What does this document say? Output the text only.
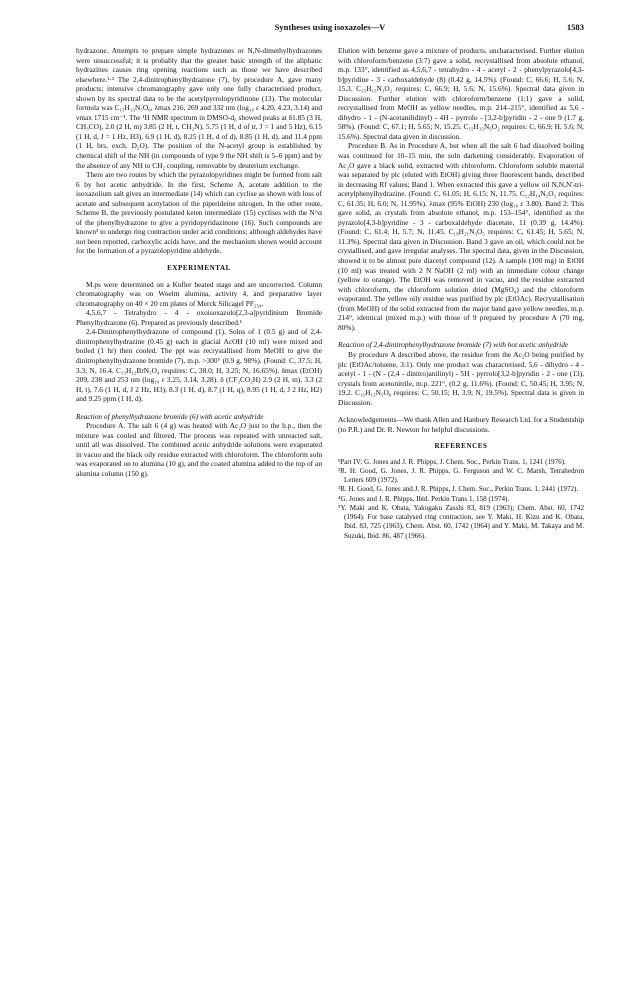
Syntheses using isoxazoles—V	1583

hydrazone. Attempts to prepare simple hydrazones or N,N-dimethylhydrazones were unsuccessful; it is probably that the greater basic strength of the aliphatic hydrazines causes ring opening reactions such as those we have described elsewhere.¹·² The 2,4-dinitrophenylhydrazone (7), by procedure A, gave many products; intensive chromatography gave only one fully characterised product, shown by its spectral data to be the acetylpyrrolopyridinone (13). The molecular formula was C₁₅H₁₃N₅O₆, λmax 216, 269 and 332 nm (log₁₀ ε 4.20, 4.23, 3.14) and νmax 1715 cm⁻¹. The ¹H NMR spectrum in DMSO-d₆ showed peaks at δ1.85 (3 H, CH₃CO), 2.0 (2 H, m) 3.85 (2 H, t, CH₂N), 5.75 (1 H, d of tr, J = 1 and 5 Hz), 6.15 (1 H, d, J = 1 Hz, H3), 6.9 (1 H, d), 8.25 (1 H, d of d), 8.85 (1 H, d), and 11.4 ppm (1 H, brs, exch. D₂O). The position of the N-acetyl group is established by chemical shift of the NH (in compounds of type 9 the NH shift is 5–6 ppm) and by the absence of any NH to CH₂ coupling, removable by deuterium exchange.

There are two routes by which the pyrazolopyridines might be formed from salt 6 by hot acetic anhydride. In the first, Scheme A, acetate addition to the isoxazolium salt gives an intermediate (14) which can cyclise as shown with loss of acetate and subsequent acetylation of the piperideine nitrogen. In the other route, Scheme B, the previously postulated keten intermediate (15) cyclises with the N^α of the phenylhydrazone to give a pyridopyridazinone (16). Such compounds are known³ to undergo ring contraction under acid conditions; although aldehydes have not been reported, carboxylic acids have, and the mechanism shown would account for the formation of a pyrazolopyridine aldehyde.

EXPERIMENTAL

M.ps were determined on a Kofler heated stage and are uncorrected. Column chromatography was on Woelm alumina, activity 4, and preparative layer chromatography on 40 × 20 cm plates of Merck Silicagel PF₂₅₄.

4,5,6,7 - Tetrahydro - 4 - oxoisoxazolo[2,3-a]pyridinium Bromide Phenylhydrazone (6). Prepared as previously described.¹

2,4-Dinitrophenylhydrazone of compound (1). Solns of 1 (0.5 g) and of 2,4-dinitrophenylhydrazine (0.45 g) each in glacial AcOH (10 ml) were mixed and boiled (1 hr) then cooled. The ppt was recrystallised from MeOH to give the dinitrophenylhydrazone bromide (7), m.p. >300° (0.9 g, 98%). (Found: C, 37.5; H, 3.3; N, 16.4. C₁₃H₁₂BrN₅O₄ requires: C, 38.0; H, 3.25; N, 16.65%). δmax (EtOH) 209, 238 and 253 nm (log₁₀ ε 3.25, 3.14, 3.28). δ (CF₃CO₂H) 2.9 (2 H, m), 3.3 (2 H, t), 7.6 (1 H, d, J 2 Hz, H3), 8.3 (1 H, d), 8.7 (1 H, q), 8.95 (1 H, d, J 2 Hz, H2) and 9.25 ppm (1 H, d).

Reaction of phenylhydrazone bromide (6) with acetic anhydride

Procedure A. The salt 6 (4 g) was heated with Ac₂O just to the b.p., then the mixture was cooled and filtered. The process was repeated with unreacted salt, until all was dissolved. The combined acetic anhydride solutions were evaporated in vacuo and the black oily residue extracted with chloroform. The chloroform soln was evaporated on to alumina (10 g), and the coated alumina added to the top of an alumina column (150 g).

Elution with benzene gave a mixture of products, uncharacterised. Further elution with chloroform/benzene (3:7) gave a solid, recrystallised from absolute ethanol, m.p. 133°, identified as 4,5,6,7 - tetrahydro - 4 - acetyl - 2 - phenylpyrazolo[4,3-b]pyridine - 3 - carboxaldehyde (8) (0.42 g, 14.5%). (Found: C, 66.6; H, 5.6; N, 15.3. C₁₅H₁₅N₃O₂ requires: C, 66.9; H, 5.6; N, 15.6%). Spectral data given in Discussion. Further elution with chloroform/benzene (1:1) gave a solid, recrystallised from MeOH as yellow needles, m.p. 214–215°, identified as 5,6 - dihydro - 1 - (N-acetanilidinyl) - 4H - pyrrolo - [3,2-b]pyridin - 2 - one 9 (1.7 g, 58%). (Found: C, 67.1; H, 5.65; N, 15.25. C₁₅H₁₅N₃O₂ requires: C, 66.9; H, 5.6; N, 15.6%). Spectral data given in discussion.

Procedure B. As in Procedure A, but when all the salt 6 had dissolved boiling was continued for 10–15 min, the soln darkening considerably. Evaporation of Ac₂O gave a black solid, extracted with chloroform. Chloroform soluble material was separated by plc (eluted with EtOH) giving three fluorescent bands, described in decreasing Rf values; Band 1. When extracted this gave a yellow oil N,N,N'-tri-acetylphenylhydrazine. (Found: C, 61.05; H, 6.15; N, 11.75. C₁₂H₁₄N₂O₃ requires: C, 61.35; H, 6.0; N, 11.95%). λmax (95% EtOH) 230 (log₁₀ ε 3.80). Band 2: This gave solid, as crystals from absolute ethanol, m.p. 153–154°, identified as the pyrazolo[4,3-b]pyridine - 3 - carboxaldehyde diacetate, 11 (0.39 g, 14.4%). (Found: C, 61.4; H, 5.7; N, 11.45. C₁₉H₂₁N₃O₅ requires: C, 61.45; H, 5.65; N, 11.3%). Spectral data given in Discussion. Band 3 gave an oil, which could not be crystallised, and gave irregular analyses. The spectral data, given in the Discussion, showed it to be almost pure diacetyl compound (12). A sample (100 mg) in EtOH (10 ml) was treated with 2 N NaOH (2 ml) with an immediate colour change (yellow to orange). The EtOH was removed in vacuo, and the residue extracted with chloroform, the chloroform solution dried (MgSO₄) and the chloroform evaporated. The yellow oily residue was purified by plc (EtOAc). Recrystallisation (from MeOH) of the solid extracted from the major band gave yellow needles, m.p. 214°, identical (mixed m.p.) with those of 9 prepared by procedure A (70 mg, 80%).

Reaction of 2,4-dinitrophenylhydrazone bromide (7) with hot acetic anhydride

By procedure A described above, the residue from the Ac₂O being purified by plc (EtOAc/toluene, 3:1). Only one product was characterised, 5,6 - dihydro - 4 - acetyl - 1 - (N - (2,4 - dinitro)anilinyl) - 5H - pyrrolo[3,2-b]pyridin - 2 - one (13), crystals from acetonitrile, m.p. 221°, (0.2 g, 11.6%). (Found: C, 50.45; H, 3.95; N, 19.2. C₁₅H₁₃N₅O₆ requires: C, 50.15; H, 3.9; N, 19.5%). Spectral data is given in Discussion.

Acknowledgements—We thank Allen and Hanbury Research Ltd. for a Studentship (to P.R.) and Dr. R. Newton for helpful discussions.

REFERENCES

¹Part IV: G. Jones and J. R. Phipps, J. Chem. Soc., Perkin Trans. 1, 1241 (1976).

²R. H. Good, G. Jones, J. R. Phipps, G. Ferguson and W. C. Marsh, Tetrahedron Letters 609 (1972).

³R. H. Good, G. Jones and J. R. Phipps, J. Chem. Soc., Perkin Trans. 1, 2441 (1972).

⁴G. Jones and J. R. Phipps, Ibid. Perkin Trans 1, 158 (1974).

⁵Y. Maki and K. Obata, Yakugaku Zasshi 83, 819 (1963); Chem. Abst. 60, 1742 (1964). For base catalysed ring contraction, see Y. Maki, H. Kizu and K. Obata, Ibid. 83, 725 (1963), Chem. Abst. 60, 1742 (1964) and Y. Maki, M. Takaya and M. Suzuki, Ibid. 86, 487 (1966).
